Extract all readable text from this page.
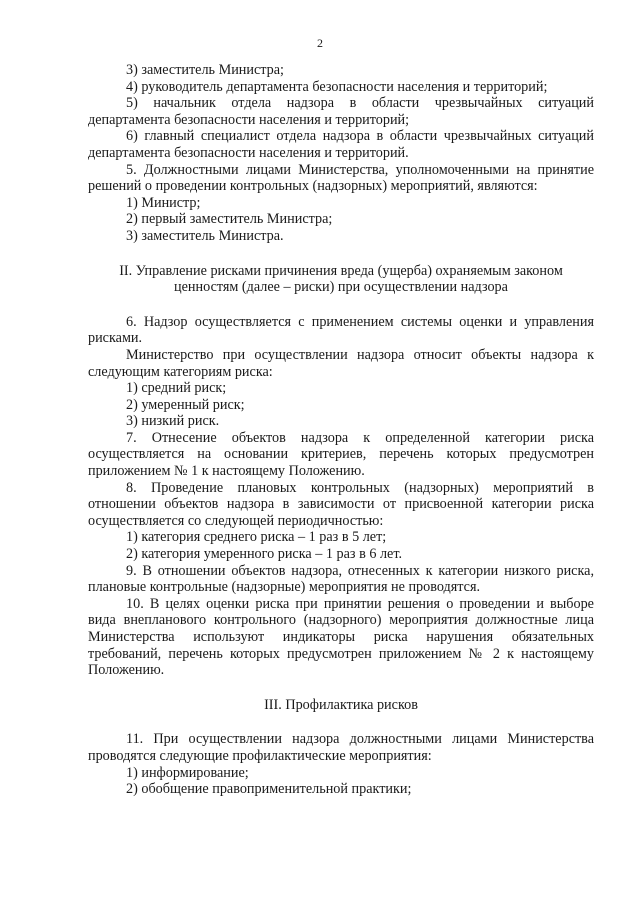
2

3) заместитель Министра;

4) руководитель департамента безопасности населения и территорий;

5) начальник отдела надзора в области чрезвычайных ситуаций департамента безопасности населения и территорий;

6) главный специалист отдела надзора в области чрезвычайных ситуаций департамента безопасности населения и территорий.

5. Должностными лицами Министерства, уполномоченными на принятие решений о проведении контрольных (надзорных) мероприятий, являются:

1) Министр;

2) первый заместитель Министра;

3) заместитель Министра.

II. Управление рисками причинения вреда (ущерба) охраняемым законом ценностям (далее – риски) при осуществлении надзора

6. Надзор осуществляется с применением системы оценки и управления рисками.

Министерство при осуществлении надзора относит объекты надзора к следующим категориям риска:

1) средний риск;

2) умеренный риск;

3) низкий риск.

7. Отнесение объектов надзора к определенной категории риска осуществляется на основании критериев, перечень которых предусмотрен приложением № 1 к настоящему Положению.

8. Проведение плановых контрольных (надзорных) мероприятий в отношении объектов надзора в зависимости от присвоенной категории риска осуществляется со следующей периодичностью:

1) категория среднего риска – 1 раз в 5 лет;

2) категория умеренного риска – 1 раз в 6 лет.

9. В отношении объектов надзора, отнесенных к категории низкого риска, плановые контрольные (надзорные) мероприятия не проводятся.

10. В целях оценки риска при принятии решения о проведении и выборе вида внепланового контрольного (надзорного) мероприятия должностные лица Министерства используют индикаторы риска нарушения обязательных требований, перечень которых предусмотрен приложением № 2 к настоящему Положению.

III. Профилактика рисков

11. При осуществлении надзора должностными лицами Министерства проводятся следующие профилактические мероприятия:

1) информирование;

2) обобщение правоприменительной практики;
